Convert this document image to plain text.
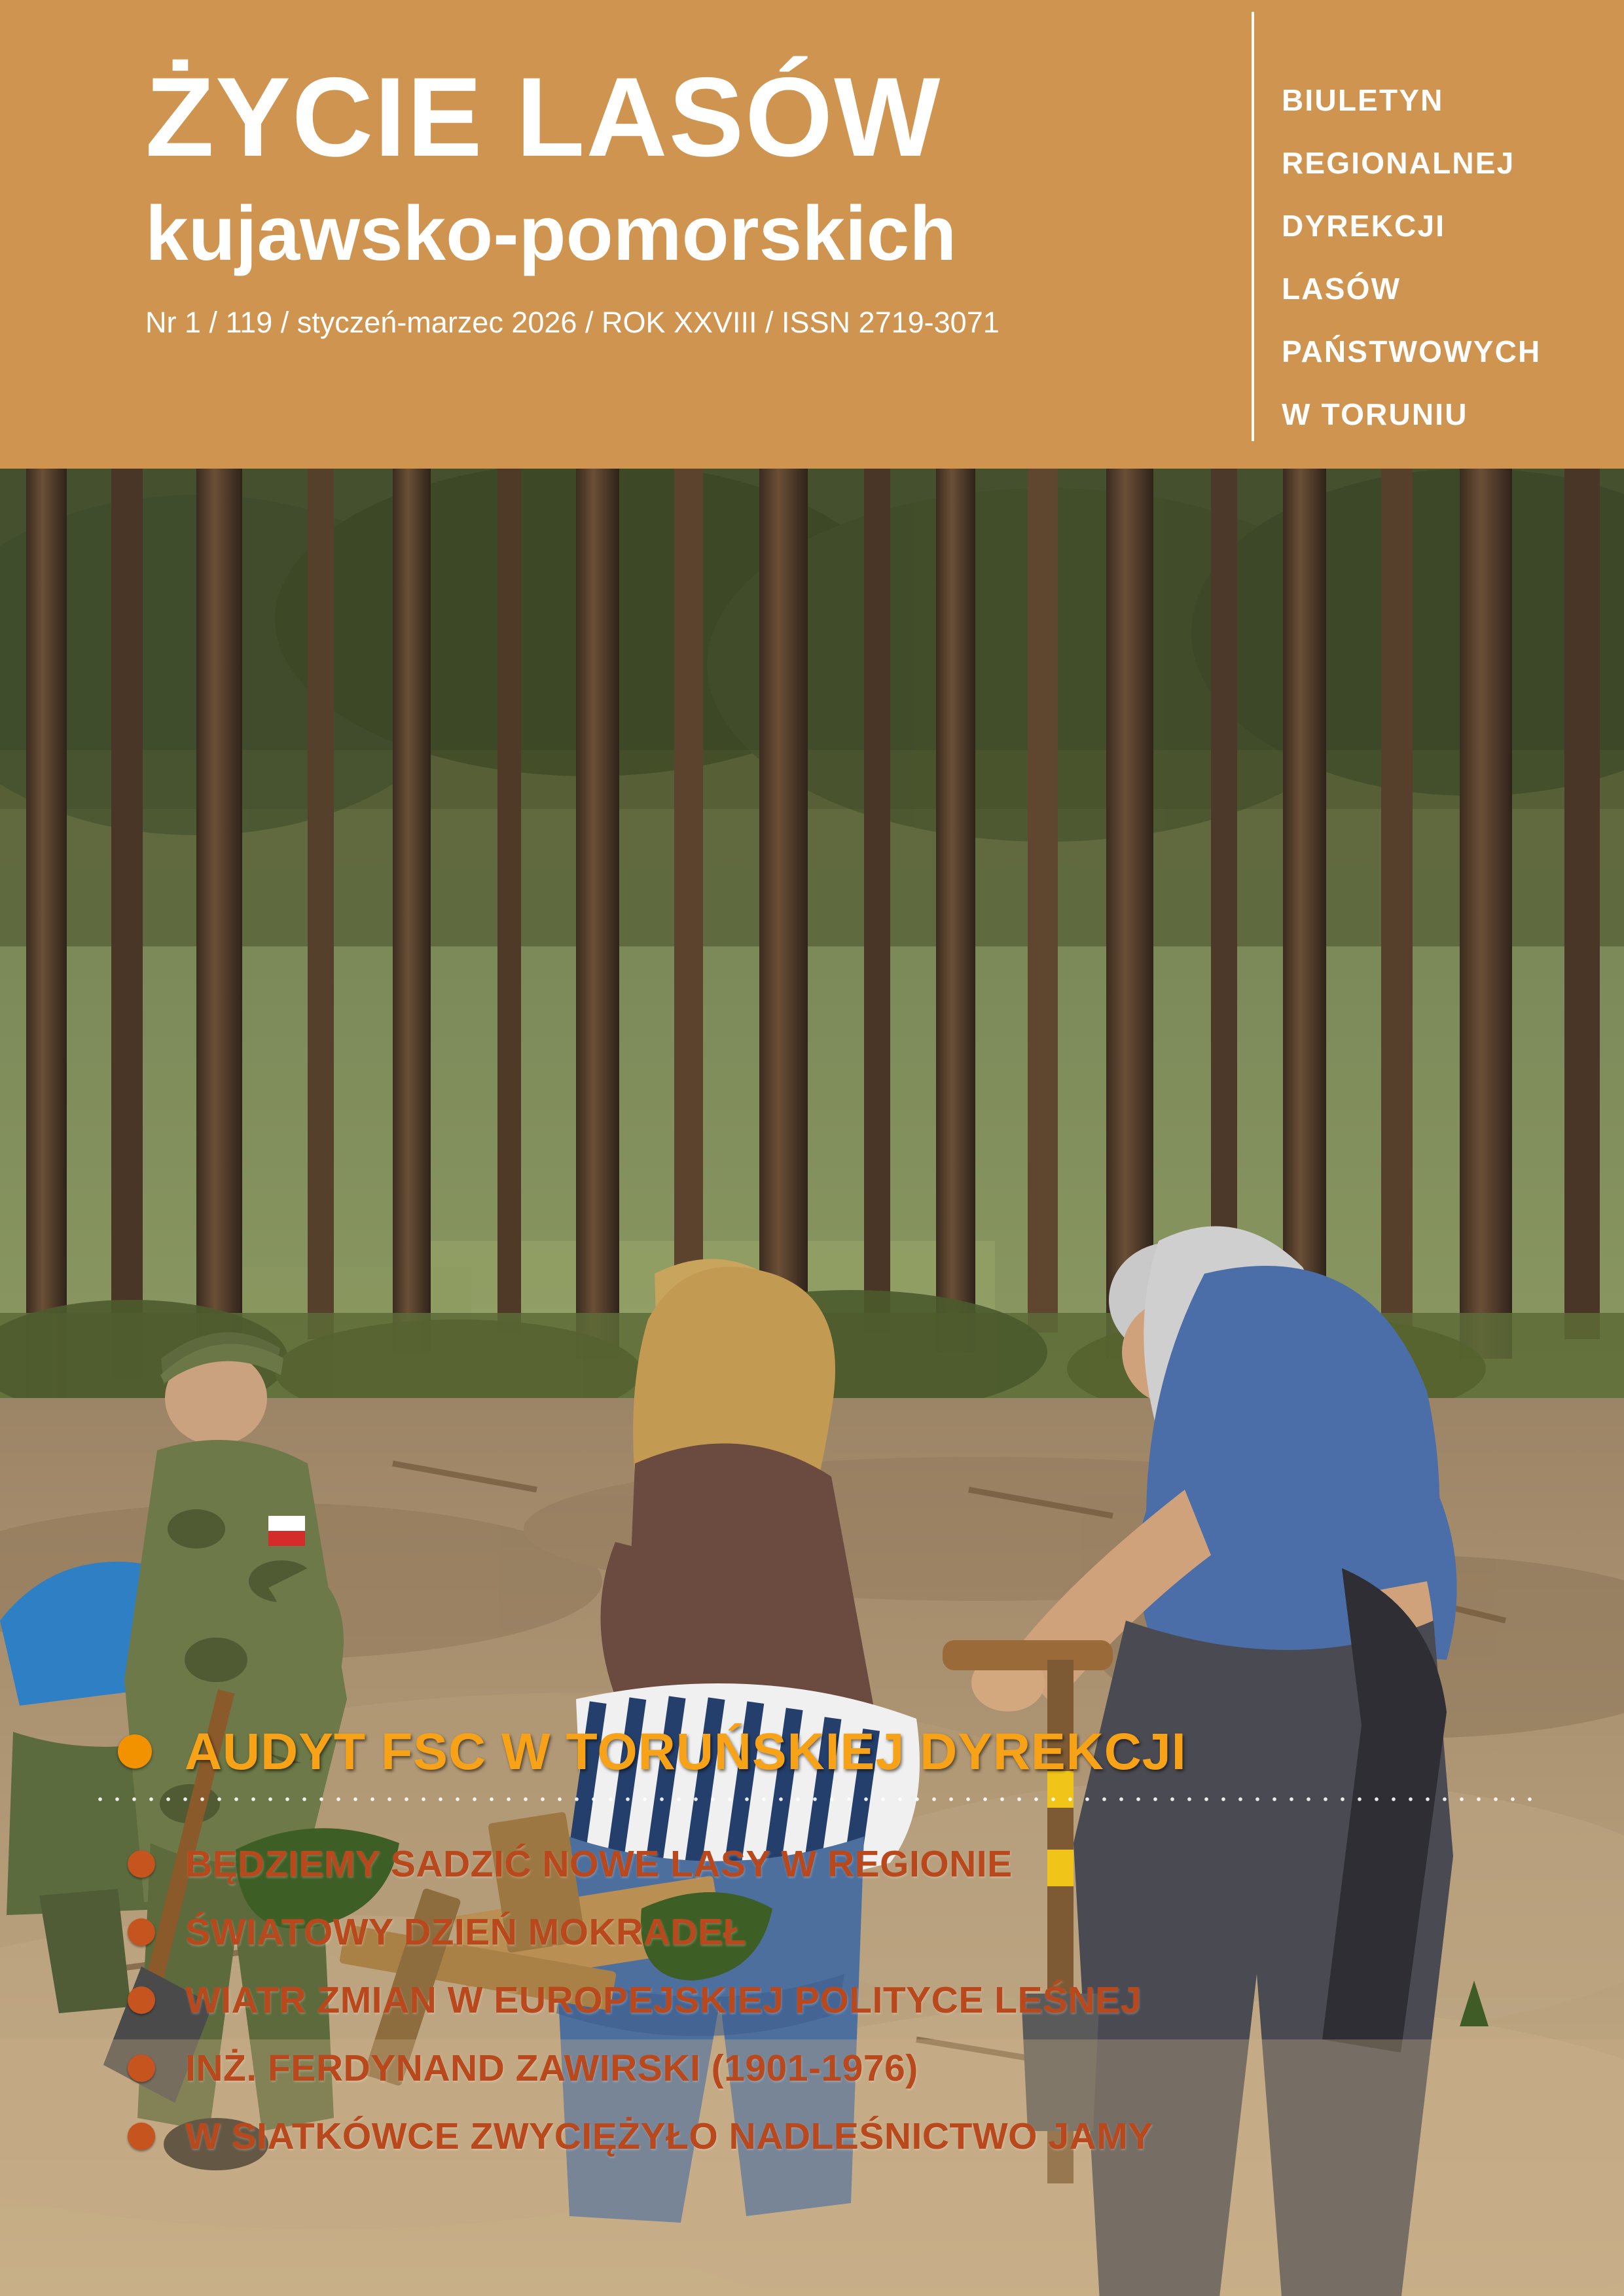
ŻYCIE LASÓW
kujawsko-pomorskich
Nr 1 / 119 / styczeń-marzec 2026 / ROK XXVIII / ISSN 2719-3071
BIULETYN
REGIONALNEJ
DYREKCJI
LASÓW
PAŃSTWOWYCH
W TORUNIU
AUDYT FSC W TORUŃSKIEJ DYREKCJI
BĘDZIEMY SADZIĆ NOWE LASY W REGIONIE
ŚWIATOWY DZIEŃ MOKRADEŁ
WIATR ZMIAN W EUROPEJSKIEJ POLITYCE LEŚNEJ
INŻ. FERDYNAND ZAWIRSKI (1901-1976)
W SIATKÓWCE ZWYCIĘŻYŁO NADLEŚNICTWO JAMY
